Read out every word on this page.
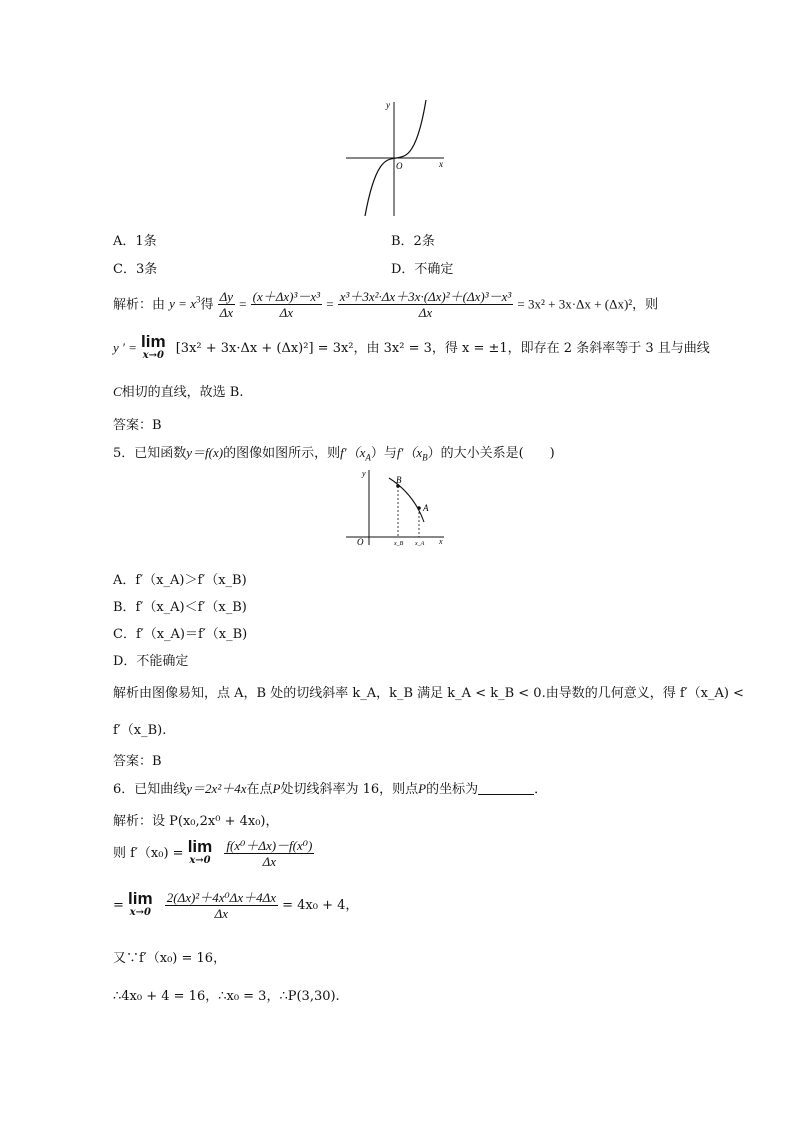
y
x
O
A．1条	B．2条
C．3条	D．不确定
解析：由 $y = x^3$得 $\frac{\Delta y}{\Delta x} = \frac{\text{(x＋Δx)³－x³}}{\Delta x} = \frac{\text{x³＋3x²·Δx＋3x·(Δx)²＋(Δx)³－x³}}{\Delta x} = 3x^2 + 3x\cdot\Delta x + (\Delta x)^2$，则
y ′ = lim
x→0 [3x² + 3x·Δx + (Δx)²] = 3x²，由 3x² = 3，得 x = ±1，即存在 2 条斜率等于 3 且与曲线
C相切的直线，故选 B.
答案：B
5．已知函数y＝f(x)的图像如图所示，则$f'(x_A)$与$f'(x_B)$的大小关系是(　　)
y
x
O
B
A
x_B x_A
A．f′（x_A)＞f′（x_B)
B．f′（x_A)＜f′（x_B)
C．f′（x_A)＝f′（x_B)
D．不能确定
解析由图像易知，点 A，B 处的切线斜率 k_A，k_B 满足 k_A < k_B < 0.由导数的几何意义，得 f′（x_A) <
f′（x_B).
答案：B
6．已知曲线y＝2x²＋4x在点P处切线斜率为 16，则点P的坐标为	．
解析：设 P(x₀,2x⁰ + 4x₀)，
则 f′（x₀) = lim
x→0
$\frac{\text{f(x⁰＋Δx)－f(x⁰)}}{\Delta x}$
= lim
x→0
$\frac{\text{2(Δx)²＋4x⁰Δx＋4Δx}}{\Delta x} = 4x_0 + 4$，
又∵f′（x₀) = 16，
∴4x₀ + 4 = 16，∴x₀ = 3，∴P(3,30).
